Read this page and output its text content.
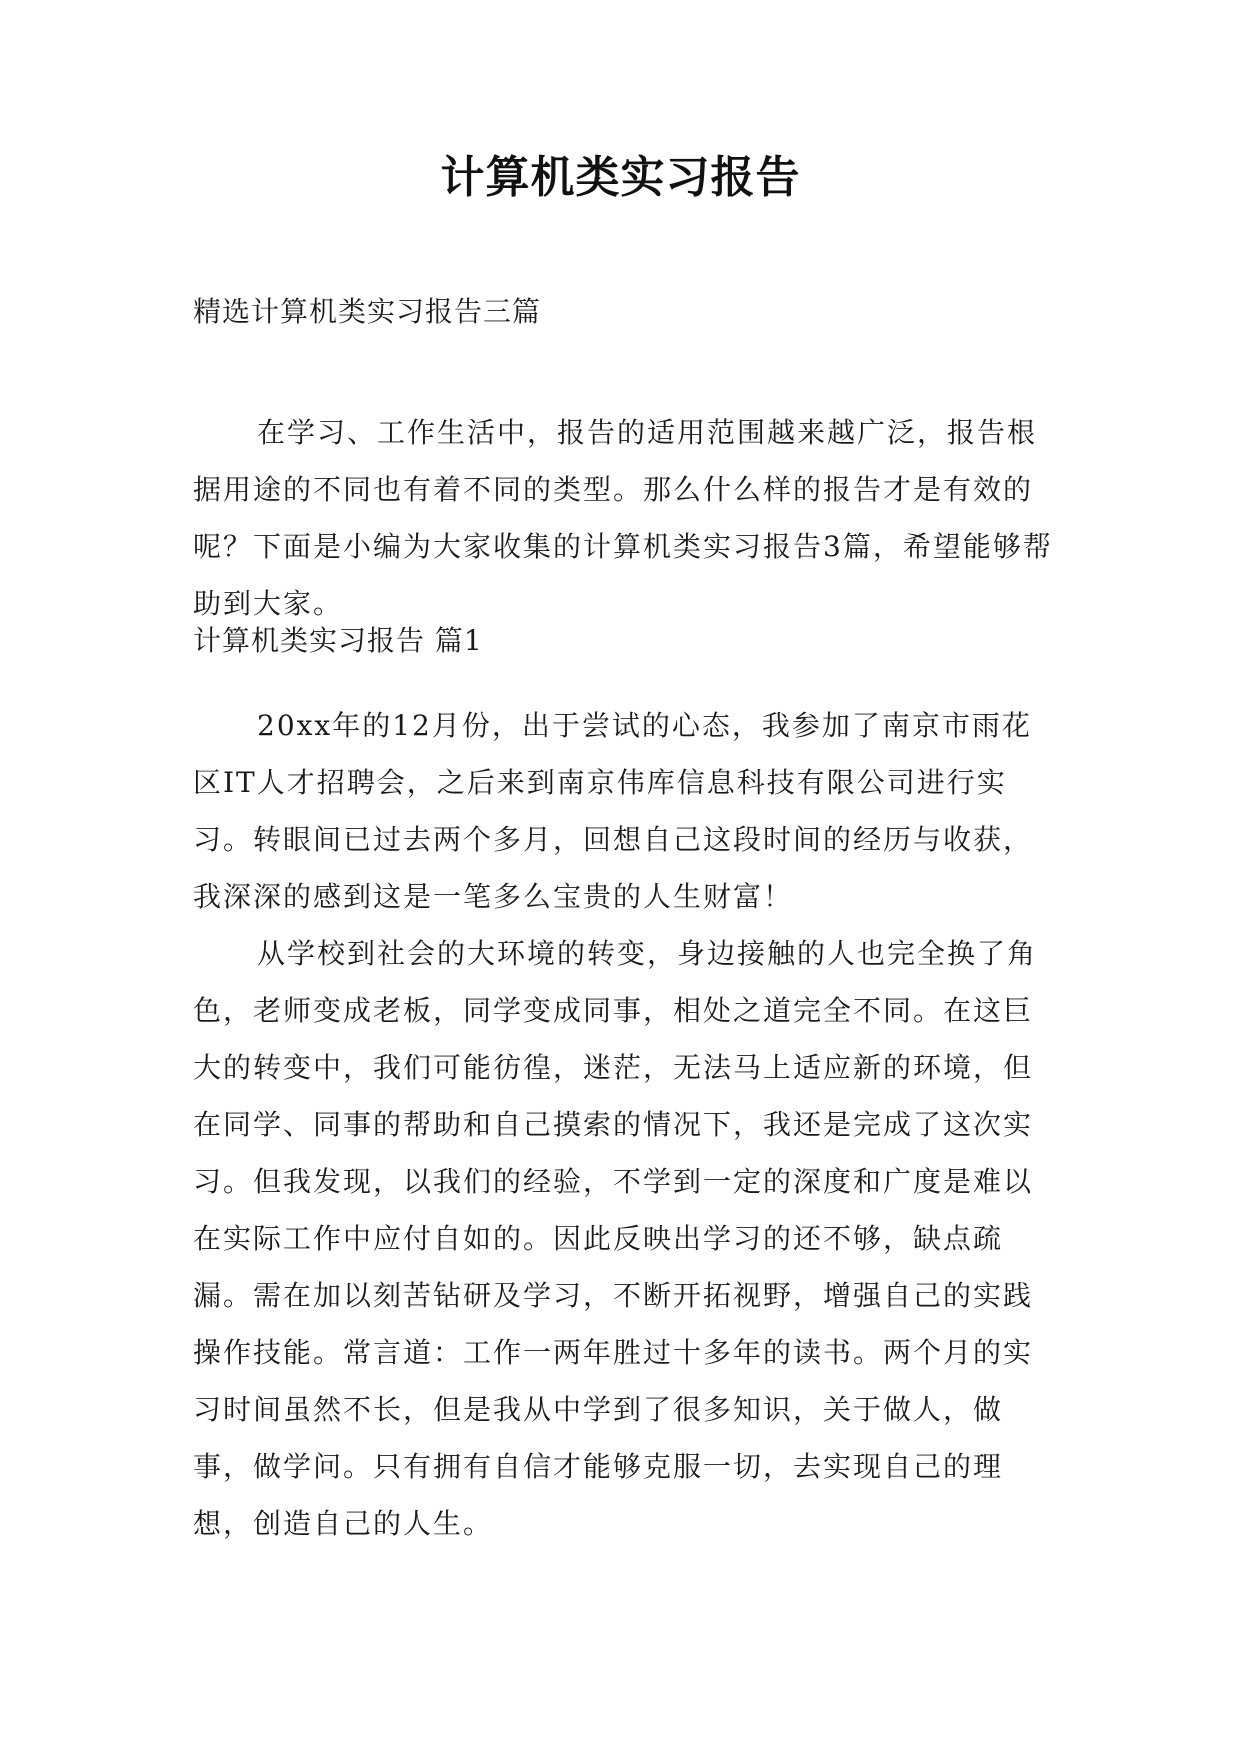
计算机类实习报告
精选计算机类实习报告三篇
在学习、工作生活中，报告的适用范围越来越广泛，报告根据用途的不同也有着不同的类型。那么什么样的报告才是有效的呢？下面是小编为大家收集的计算机类实习报告3篇，希望能够帮助到大家。
计算机类实习报告 篇1
20xx年的12月份，出于尝试的心态，我参加了南京市雨花区IT人才招聘会，之后来到南京伟库信息科技有限公司进行实习。转眼间已过去两个多月，回想自己这段时间的经历与收获，我深深的感到这是一笔多么宝贵的人生财富！
从学校到社会的大环境的转变，身边接触的人也完全换了角色，老师变成老板，同学变成同事，相处之道完全不同。在这巨大的转变中，我们可能彷徨，迷茫，无法马上适应新的环境，但在同学、同事的帮助和自己摸索的情况下，我还是完成了这次实习。但我发现，以我们的经验，不学到一定的深度和广度是难以在实际工作中应付自如的。因此反映出学习的还不够，缺点疏漏。需在加以刻苦钻研及学习，不断开拓视野，增强自己的实践操作技能。常言道：工作一两年胜过十多年的读书。两个月的实习时间虽然不长，但是我从中学到了很多知识，关于做人，做事，做学问。只有拥有自信才能够克服一切，去实现自己的理想，创造自己的人生。
